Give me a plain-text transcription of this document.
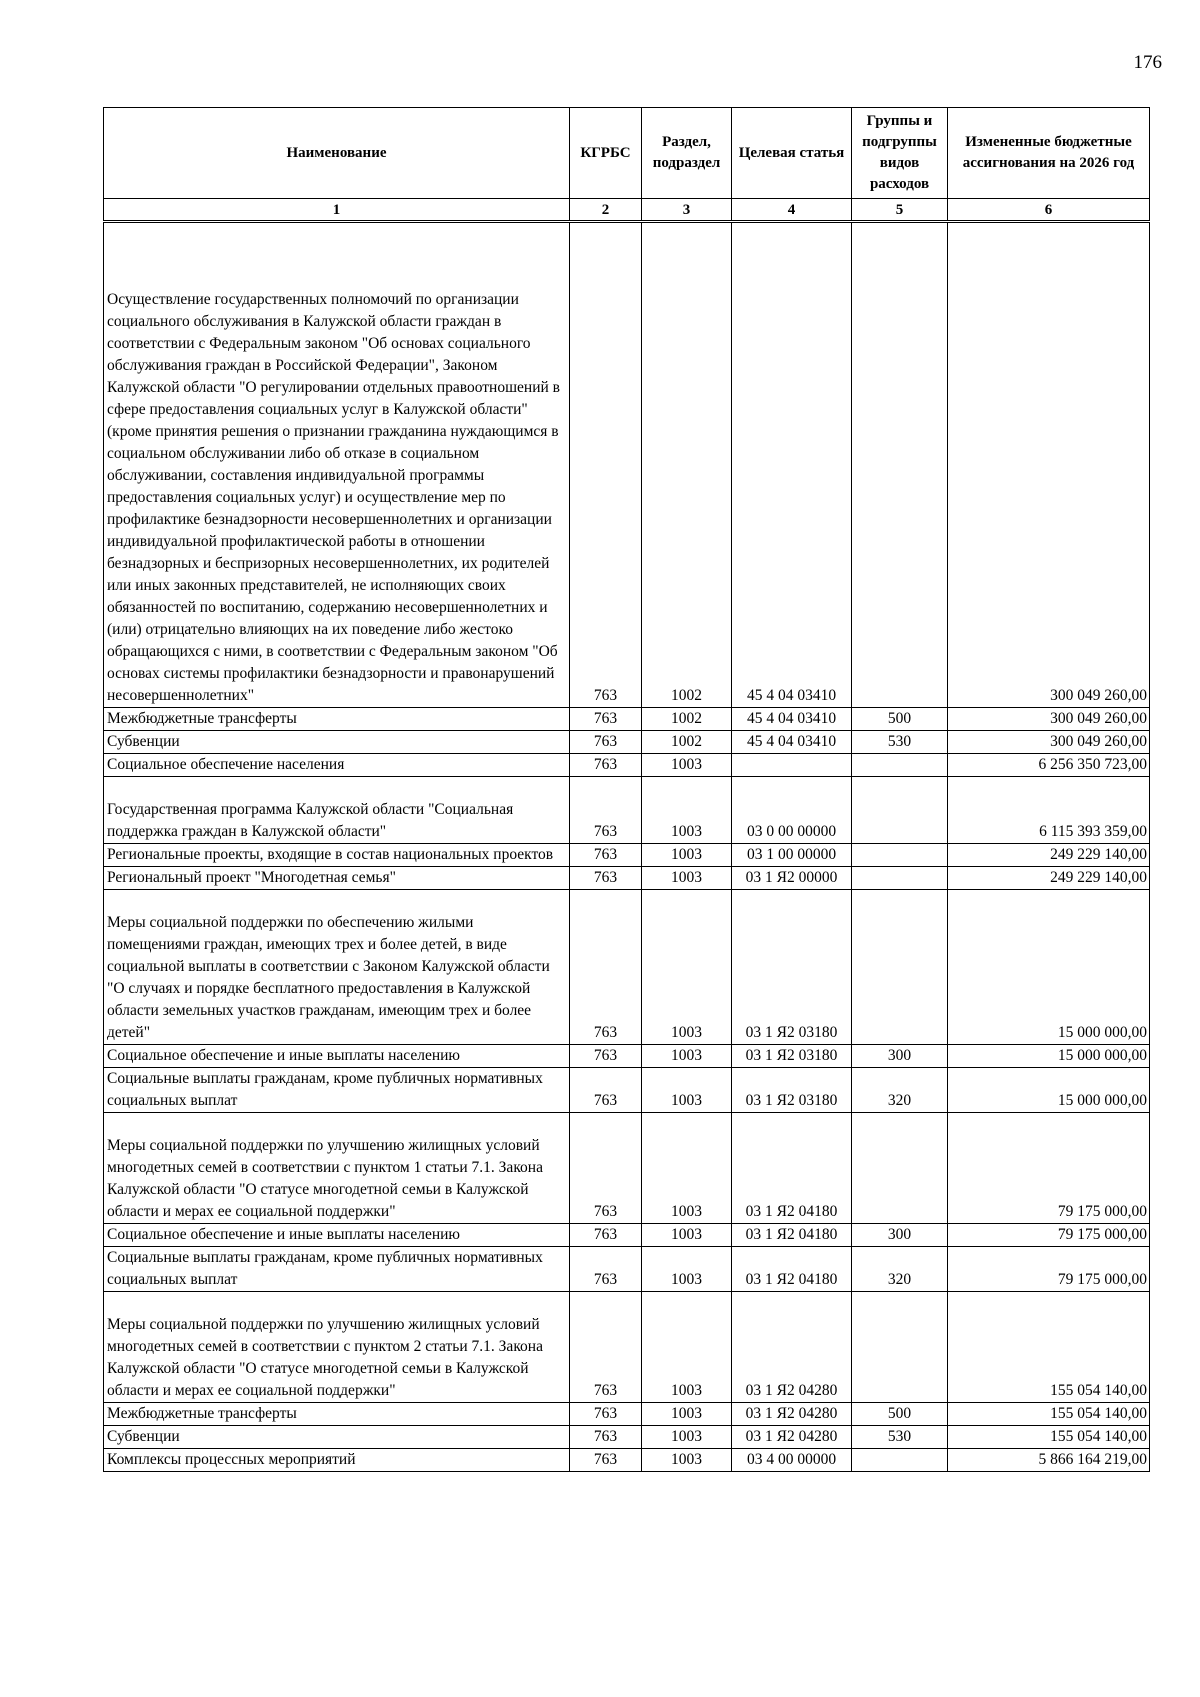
176
Наименование	КГРБС	Раздел, подраздел	Целевая статья	Группы и подгруппы видов расходов	Измененные бюджетные ассигнования на 2026 год
1	2	3	4	5	6
Осуществление государственных полномочий по организации социального обслуживания в Калужской области граждан в соответствии с Федеральным законом "Об основах социального обслуживания граждан в Российской Федерации", Законом Калужской области "О регулировании отдельных правоотношений в сфере предоставления социальных услуг в Калужской области" (кроме принятия решения о признании гражданина нуждающимся в социальном обслуживании либо об отказе в социальном обслуживании, составления индивидуальной программы предоставления социальных услуг) и осуществление мер по профилактике безнадзорности несовершеннолетних и организации индивидуальной профилактической работы в отношении безнадзорных и беспризорных несовершеннолетних, их родителей или иных законных представителей, не исполняющих своих обязанностей по воспитанию, содержанию несовершеннолетних и (или) отрицательно влияющих на их поведение либо жестоко обращающихся с ними, в соответствии с Федеральным законом "Об основах системы профилактики безнадзорности и правонарушений несовершеннолетних"	763	1002	45 4 04 03410		300 049 260,00
Межбюджетные трансферты	763	1002	45 4 04 03410	500	300 049 260,00
Субвенции	763	1002	45 4 04 03410	530	300 049 260,00
Социальное обеспечение населения	763	1003			6 256 350 723,00
Государственная программа Калужской области "Социальная поддержка граждан в Калужской области"	763	1003	03 0 00 00000		6 115 393 359,00
Региональные проекты, входящие в состав национальных проектов	763	1003	03 1 00 00000		249 229 140,00
Региональный проект "Многодетная семья"	763	1003	03 1 Я2 00000		249 229 140,00
Меры социальной поддержки по обеспечению жилыми помещениями граждан, имеющих трех и более детей, в виде социальной выплаты в соответствии с Законом Калужской области "О случаях и порядке бесплатного предоставления в Калужской области земельных участков гражданам, имеющим трех и более детей"	763	1003	03 1 Я2 03180		15 000 000,00
Социальное обеспечение и иные выплаты населению	763	1003	03 1 Я2 03180	300	15 000 000,00
Социальные выплаты гражданам, кроме публичных нормативных социальных выплат	763	1003	03 1 Я2 03180	320	15 000 000,00
Меры социальной поддержки по улучшению жилищных условий многодетных семей в соответствии с пунктом 1 статьи 7.1. Закона Калужской области "О статусе многодетной семьи в Калужской области и мерах ее социальной поддержки"	763	1003	03 1 Я2 04180		79 175 000,00
Социальное обеспечение и иные выплаты населению	763	1003	03 1 Я2 04180	300	79 175 000,00
Социальные выплаты гражданам, кроме публичных нормативных социальных выплат	763	1003	03 1 Я2 04180	320	79 175 000,00
Меры социальной поддержки по улучшению жилищных условий многодетных семей в соответствии с пунктом 2 статьи 7.1. Закона Калужской области "О статусе многодетной семьи в Калужской области и мерах ее социальной поддержки"	763	1003	03 1 Я2 04280		155 054 140,00
Межбюджетные трансферты	763	1003	03 1 Я2 04280	500	155 054 140,00
Субвенции	763	1003	03 1 Я2 04280	530	155 054 140,00
Комплексы процессных мероприятий	763	1003	03 4 00 00000		5 866 164 219,00
